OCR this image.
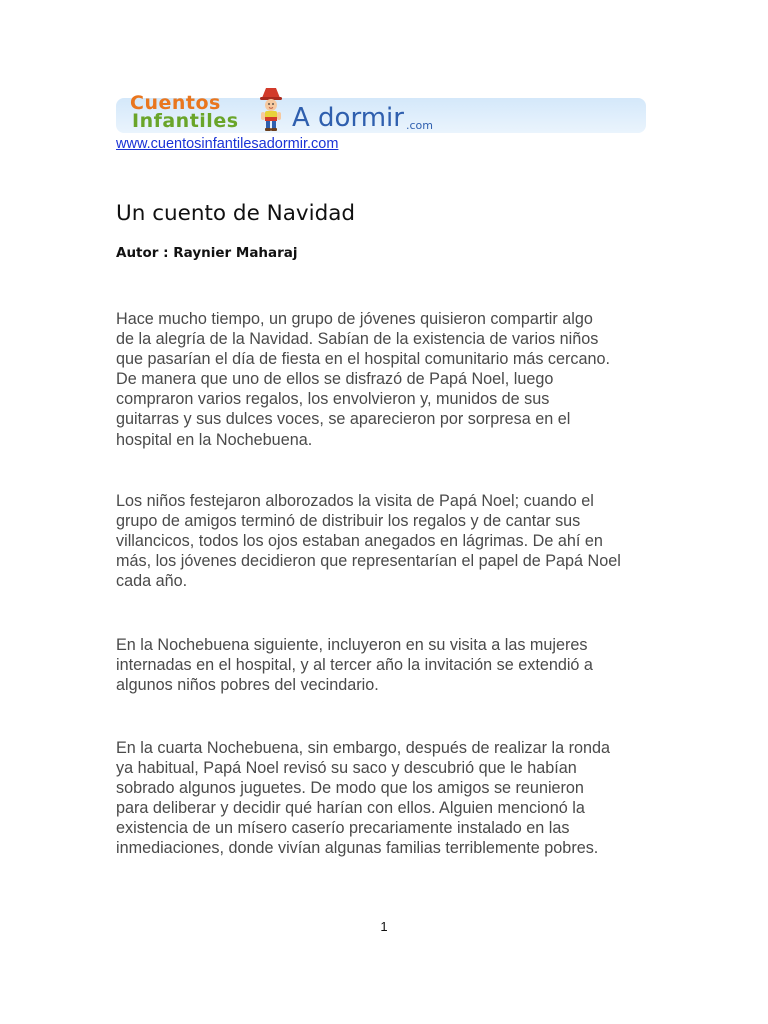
Cuentos
Infantiles A dormir .com
www.cuentosinfantilesadormir.com
Un cuento de Navidad
Autor : Raynier Maharaj
Hace mucho tiempo, un grupo de jóvenes quisieron compartir algo
de la alegría de la Navidad. Sabían de la existencia de varios niños
que pasarían el día de fiesta en el hospital comunitario más cercano.
De manera que uno de ellos se disfrazó de Papá Noel, luego
compraron varios regalos, los envolvieron y, munidos de sus
guitarras y sus dulces voces, se aparecieron por sorpresa en el
hospital en la Nochebuena.
Los niños festejaron alborozados la visita de Papá Noel; cuando el
grupo de amigos terminó de distribuir los regalos y de cantar sus
villancicos, todos los ojos estaban anegados en lágrimas. De ahí en
más, los jóvenes decidieron que representarían el papel de Papá Noel
cada año.
En la Nochebuena siguiente, incluyeron en su visita a las mujeres
internadas en el hospital, y al tercer año la invitación se extendió a
algunos niños pobres del vecindario.
En la cuarta Nochebuena, sin embargo, después de realizar la ronda
ya habitual, Papá Noel revisó su saco y descubrió que le habían
sobrado algunos juguetes. De modo que los amigos se reunieron
para deliberar y decidir qué harían con ellos. Alguien mencionó la
existencia de un mísero caserío precariamente instalado en las
inmediaciones, donde vivían algunas familias terriblemente pobres.
1
